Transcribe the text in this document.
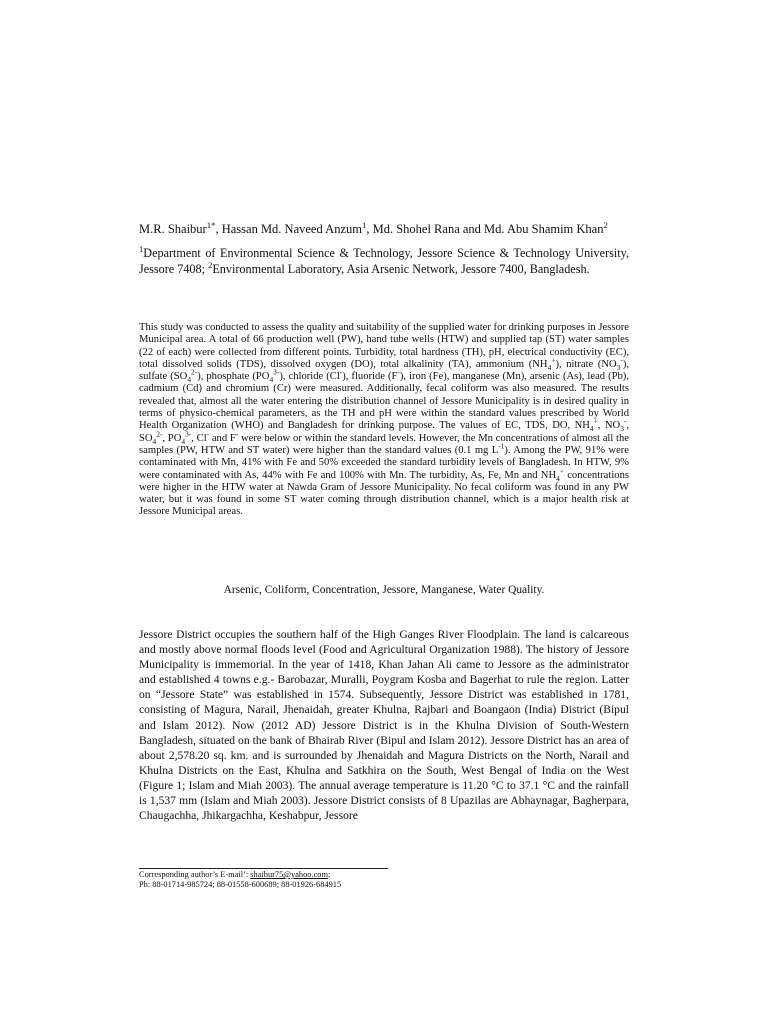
M.R. Shaibur$^{1*}$, Hassan Md. Naveed Anzum$^1$, Md. Shohel Rana and Md. Abu Shamim Khan$^2$
$^1$Department of Environmental Science & Technology, Jessore Science & Technology University, Jessore 7408; $^2$Environmental Laboratory, Asia Arsenic Network, Jessore 7400, Bangladesh.
This study was conducted to assess the quality and suitability of the supplied water for drinking purposes in Jessore Municipal area. A total of 66 production well (PW), hand tube wells (HTW) and supplied tap (ST) water samples (22 of each) were collected from different points. Turbidity, total hardness (TH), pH, electrical conductivity (EC), total dissolved solids (TDS), dissolved oxygen (DO), total alkalinity (TA), ammonium $(NH_4^+)$, nitrate $(NO_3^-)$, sulfate $(SO_4^{2-})$, phosphate $(PO_4^{3-})$, chloride (Cl-), fluoride (F-), iron (Fe), manganese (Mn), arsenic (As), lead (Pb), cadmium (Cd) and chromium (Cr) were measured. Additionally, fecal coliform was also measured. The results revealed that, almost all the water entering the distribution channel of Jessore Municipality is in desired quality in terms of physico-chemical parameters, as the TH and pH were within the standard values prescribed by World Health Organization (WHO) and Bangladesh for drinking purpose. The values of EC, TDS, DO, $NH_4^+$, $NO_3^-$, $SO_4^{2-}$, $PO_4^{3-}$, Cl- and F- were below or within the standard levels. However, the Mn concentrations of almost all the samples (PW, HTW and ST water) were higher than the standard values (0.1 mg $L^{-1}$). Among the PW, 91% were contaminated with Mn, 41% with Fe and 50% exceeded the standard turbidity levels of Bangladesh. In HTW, 9% were contaminated with As, 44% with Fe and 100% with Mn. The turbidity, As, Fe, Mn and $NH_4^+$ concentrations were higher in the HTW water at Nawda Gram of Jessore Municipality. No fecal coliform was found in any PW water, but it was found in some ST water coming through distribution channel, which is a major health risk at Jessore Municipal areas.
Arsenic, Coliform, Concentration, Jessore, Manganese, Water Quality.
Jessore District occupies the southern half of the High Ganges River Floodplain. The land is calcareous and mostly above normal floods level (Food and Agricultural Organization 1988). The history of Jessore Municipality is immemorial. In the year of 1418, Khan Jahan Ali came to Jessore as the administrator and established 4 towns e.g.- Barobazar, Muralli, Poygram Kosba and Bagerhat to rule the region. Latter on “Jessore State” was established in 1574. Subsequently, Jessore District was established in 1781, consisting of Magura, Narail, Jhenaidah, greater Khulna, Rajbari and Boangaon (India) District (Bipul and Islam 2012). Now (2012 AD) Jessore District is in the Khulna Division of South-Western Bangladesh, situated on the bank of Bhairab River (Bipul and Islam 2012). Jessore District has an area of about 2,578.20 sq. km. and is surrounded by Jhenaidah and Magura Districts on the North, Narail and Khulna Districts on the East, Khulna and Satkhira on the South, West Bengal of India on the West (Figure 1; Islam and Miah 2003). The annual average temperature is 11.20 °C to 37.1 °C and the rainfall is 1,537 mm (Islam and Miah 2003). Jessore District consists of 8 Upazilas are Abhaynagar, Bagherpara, Chaugachha, Jhikargachha, Keshabpur, Jessore
Corresponding author’s E-mail’: shaibur75@yahoo.com;
Ph: 88-01714-985724; 88-01558-600689; 88-01926-684915
